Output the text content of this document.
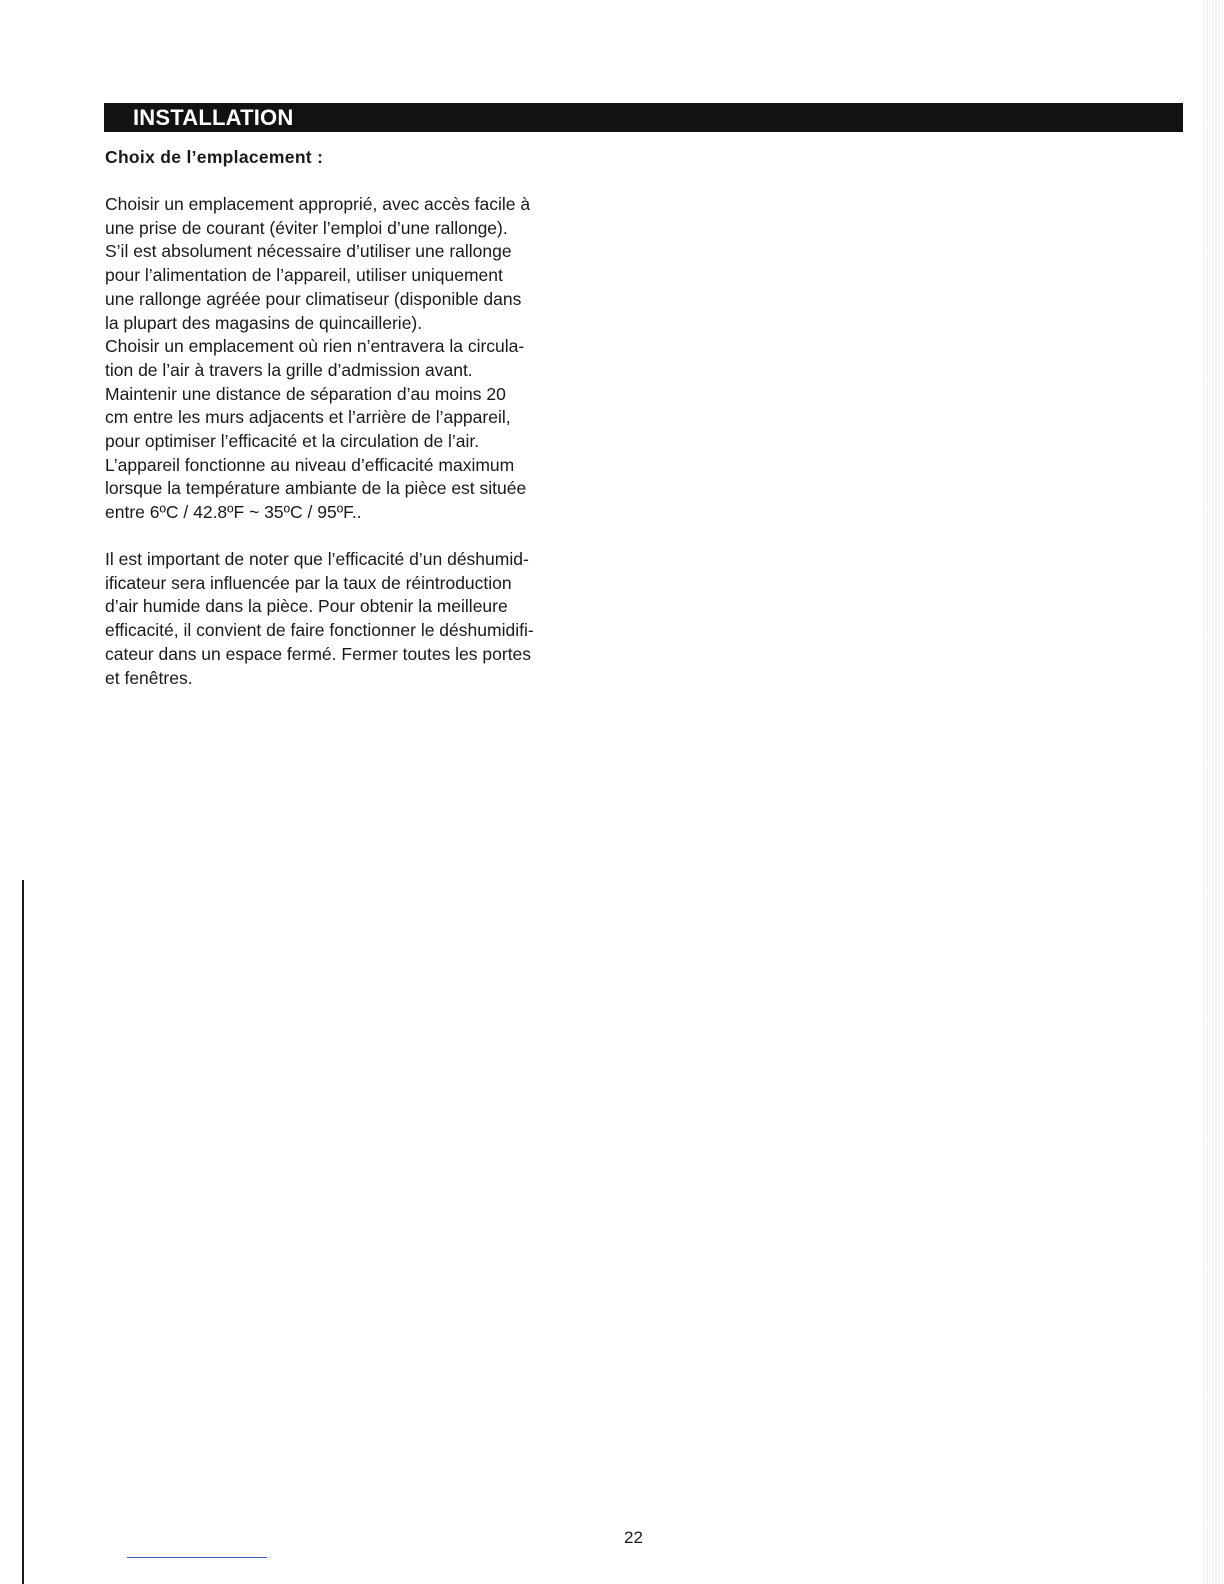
INSTALLATION
Choix de l’emplacement :
Choisir un emplacement approprié, avec accès facile à
une prise de courant (éviter l’emploi d’une rallonge).
S’il est absolument nécessaire d’utiliser une rallonge
pour l’alimentation de l’appareil, utiliser uniquement
une rallonge agréée pour climatiseur (disponible dans
la plupart des magasins de quincaillerie).
Choisir un emplacement où rien n’entravera la circula-
tion de l’air à travers la grille d’admission avant.
Maintenir une distance de séparation d’au moins 20
cm entre les murs adjacents et l’arrière de l’appareil,
pour optimiser l’efficacité et la circulation de l’air.
L’appareil fonctionne au niveau d’efficacité maximum
lorsque la température ambiante de la pièce est située
entre 6ºC / 42.8ºF ~ 35ºC / 95ºF..
Il est important de noter que l’efficacité d’un déshumid-
ificateur sera influencée par la taux de réintroduction
d’air humide dans la pièce. Pour obtenir la meilleure
efficacité, il convient de faire fonctionner le déshumidifi-
cateur dans un espace fermé. Fermer toutes les portes
et fenêtres.
22
